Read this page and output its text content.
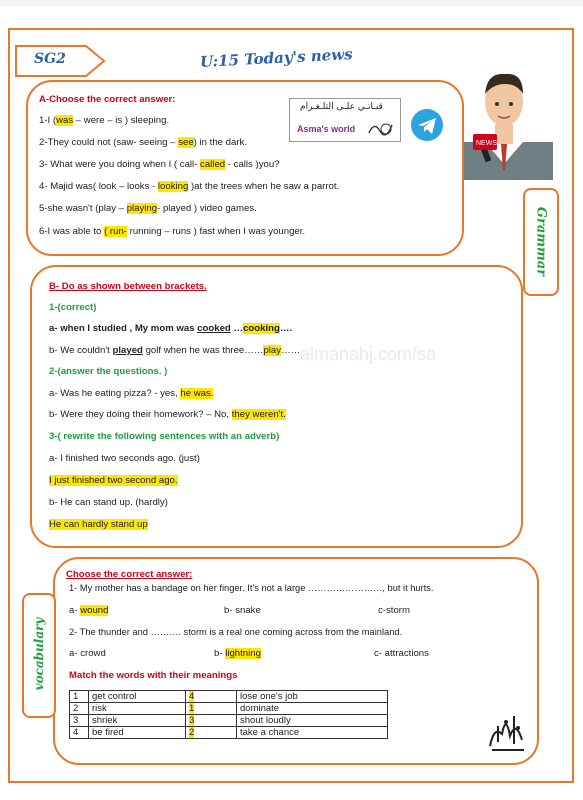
SG2	U:15 Today's news
NEWS
قنـاتـي علـى التلـغـرام
Asma's world
A-Choose the correct answer:
1-I (was – were – is ) sleeping.
2-They could not (saw- seeing – see) in the dark.
3- What were you doing when I ( call- called - calls )you?
4- Majid was( look – looks - looking )at the trees when he saw a parrot.
5-she wasn't (play – playing- played ) video games.
6-I was able to ( run- running – runs ) fast when I was younger.	Grammar
almanahj.com/sa
B- Do as shown between brackets.
1-(correct)
a- when I studied , My mom was cooked …cooking….
b- We couldn't played golf when he was three……play……
2-(answer the questions. )
a- Was he eating pizza? - yes, he was.
b- Were they doing their homework? – No, they weren't.
3-( rewrite the following sentences with an adverb)
a- I finished two seconds ago. (just)
I just finished two second ago.
b- He can stand up. (hardly)
He can hardly stand up
Choose the correct answer:
1- My mother has a bandage on her finger. It's not a large ……………………, but it hurts.
a- wound	b- snake	c-storm
2- The thunder and ………. storm is a real one coming across from the mainland.
a- crowd	b- lightning	c- attractions
Match the words with their meanings
1	get control	4	lose one's job
2	risk	1	dominate
3	shriek	3	shout loudly
4	be fired	2	take a chance
vocabulary
